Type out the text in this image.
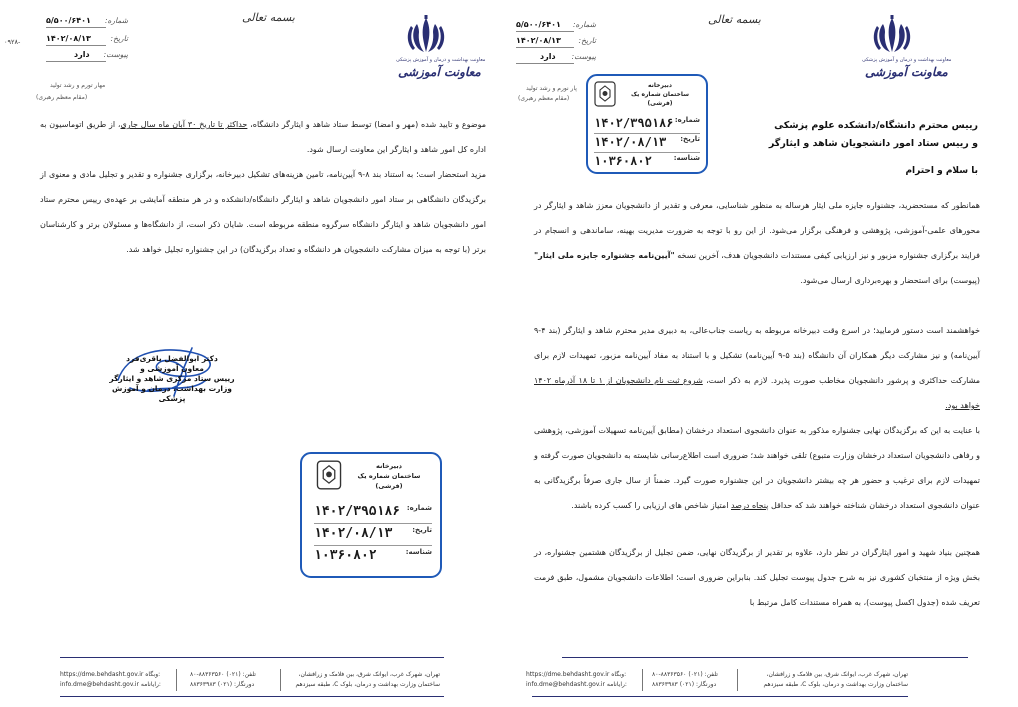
معاونت بهداشت و درمان و آموزش پزشکی
معاونت آموزشی
بسمه تعالی
شماره:
۵/۵۰۰/۶۴۰۱
تاریخ:
۱۴۰۲/۰۸/۱۳
پیوست:
دارد
پار نورم و رشد تولید
(مقام معظم رهبری)
دبیرخانه
ساختمان شماره یک
(فرشی)
شماره:
۱۴۰۲/۳۹۵۱۸۶
تاریخ:
۱۴۰۲/۰۸/۱۳
شناسه:
۱۰۳۶۰۸۰۲
رییس محترم دانشگاه/دانشکده علوم پزشکی
و رییس ستاد امور دانشجویان شاهد و ایثارگر
با سلام و احترام
همانطور که مستحضرید، جشنواره جایزه ملی ایثار هرساله به منظور شناسایی، معرفی و تقدیر از دانشجویان معزز شاهد و ایثارگر در محورهای علمی-آموزشی، پژوهشی و فرهنگی برگزار می‌شود. از این رو با توجه به ضرورت مدیریت بهینه، ساماندهی و انسجام در فرایند برگزاری جشنواره مزبور و نیز ارزیابی کیفی مستندات دانشجویان هدف، آخرین نسخه "آیین‌نامه جشنواره جایزه ملی ایثار" (پیوست) برای استحضار و بهره‌برداری ارسال می‌شود.
خواهشمند است دستور فرمایید؛ در اسرع وقت دبیرخانه مربوطه به ریاست جناب‌عالی، به دبیری مدیر محترم شاهد و ایثارگر (بند ۴-۹ آیین‌نامه) و نیز مشارکت دیگر همکاران آن دانشگاه (بند ۵-۹ آیین‌نامه) تشکیل و با استناد به مفاد آیین‌نامه مزبور، تمهیدات لازم برای مشارکت حداکثری و پرشور دانشجویان مخاطب صورت پذیرد. لازم به ذکر است، شروع ثبت نام دانشجویان از ۱ تا ۱۸ آذرماه ۱۴۰۲ خواهد بود.
با عنایت به این که برگزیدگان نهایی جشنواره مذکور به عنوان دانشجوی استعداد درخشان (مطابق آیین‌نامه تسهیلات آموزشی، پژوهشی و رفاهی دانشجویان استعداد درخشان وزارت متبوع) تلقی خواهند شد؛ ضروری است اطلاع‌رسانی شایسته به دانشجویان صورت گرفته و تمهیدات لازم برای ترغیب و حضور هر چه بیشتر دانشجویان در این جشنواره صورت گیرد. ضمناً از سال جاری صرفاً برگزیدگانی به عنوان دانشجوی استعداد درخشان شناخته خواهند شد که حداقل پنجاه درصد امتیاز شاخص های ارزیابی را کسب کرده باشند.
همچنین بنیاد شهید و امور ایثارگران در نظر دارد، علاوه بر تقدیر از برگزیدگان نهایی، ضمن تجلیل از برگزیدگان هشتمین جشنواره، در بخش ویژه از منتخبان کشوری نیز به شرح جدول پیوست تجلیل کند. بنابراین ضروری است؛ اطلاعات دانشجویان مشمول، طبق فرمت تعریف شده (جدول اکسل پیوست)، به همراه مستندات کامل مرتبط با
تهران، شهرک غرب، ایوانک شرق، بین فلامک و زرافشان،
ساختمان وزارت بهداشت و درمان، بلوک C، طبقه سیزدهم
تلفن: (۰۲۱) ۸۸۳۶۳۵۶۰-۸۰
دورنگار: (۰۲۱) ۸۸۳۶۳۹۸۳
https://dme.behdasht.gov.ir وبگاه:
info.dme@behdasht.gov.ir رایانامه:
۰۹۲۸-
معاونت بهداشت و درمان و آموزش پزشکی
معاونت آموزشی
بسمه تعالی
شماره:
۵/۵۰۰/۶۴۰۱
تاریخ:
۱۴۰۲/۰۸/۱۳
پیوست:
دارد
مهار تورم و رشد تولید
(مقام معظم رهبری)
موضوع و تایید شده (مهر و امضا) توسط ستاد شاهد و ایثارگر دانشگاه، حداکثر تا تاریخ ۳۰ آبان ماه سال جاری، از طریق اتوماسیون به اداره کل امور شاهد و ایثارگر این معاونت ارسال شود.
مزید استحضار است؛ به استناد بند ۸-۹ آیین‌نامه، تامین هزینه‌های تشکیل دبیرخانه، برگزاری جشنواره و تقدیر و تجلیل مادی و معنوی از برگزیدگان دانشگاهی بر ستاد امور دانشجویان شاهد و ایثارگر دانشگاه/دانشکده و در هر منطقه آمایشی بر عهده‌ی رییس محترم ستاد امور دانشجویان شاهد و ایثارگر دانشگاه سرگروه منطقه مربوطه است. شایان ذکر است، از دانشگاه‌ها و مسئولان برتر و کارشناسان برتر (با توجه به میزان مشارکت دانشجویان هر دانشگاه و تعداد برگزیدگان) در این جشنواره تجلیل خواهد شد.
دکتر ابوالفضل باقری‌فرد
معاون آموزشی و
رییس ستاد مرکزی شاهد و ایثارگر
وزارت بهداشت، درمان و آموزش پزشکی
دبیرخانه
ساختمان شماره یک
(فرشی)
شماره:
۱۴۰۲/۳۹۵۱۸۶
تاریخ:
۱۴۰۲/۰۸/۱۳
شناسه:
۱۰۳۶۰۸۰۲
تهران، شهرک غرب، ایوانک شرق، بین فلامک و زرافشان،
ساختمان وزارت بهداشت و درمان، بلوک C، طبقه سیزدهم
تلفن: (۰۲۱) ۸۸۳۶۳۵۶۰-۸۰
دورنگار: (۰۲۱) ۸۸۳۶۳۹۸۳
https://dme.behdasht.gov.ir وبگاه:
info.dme@behdasht.gov.ir رایانامه:
